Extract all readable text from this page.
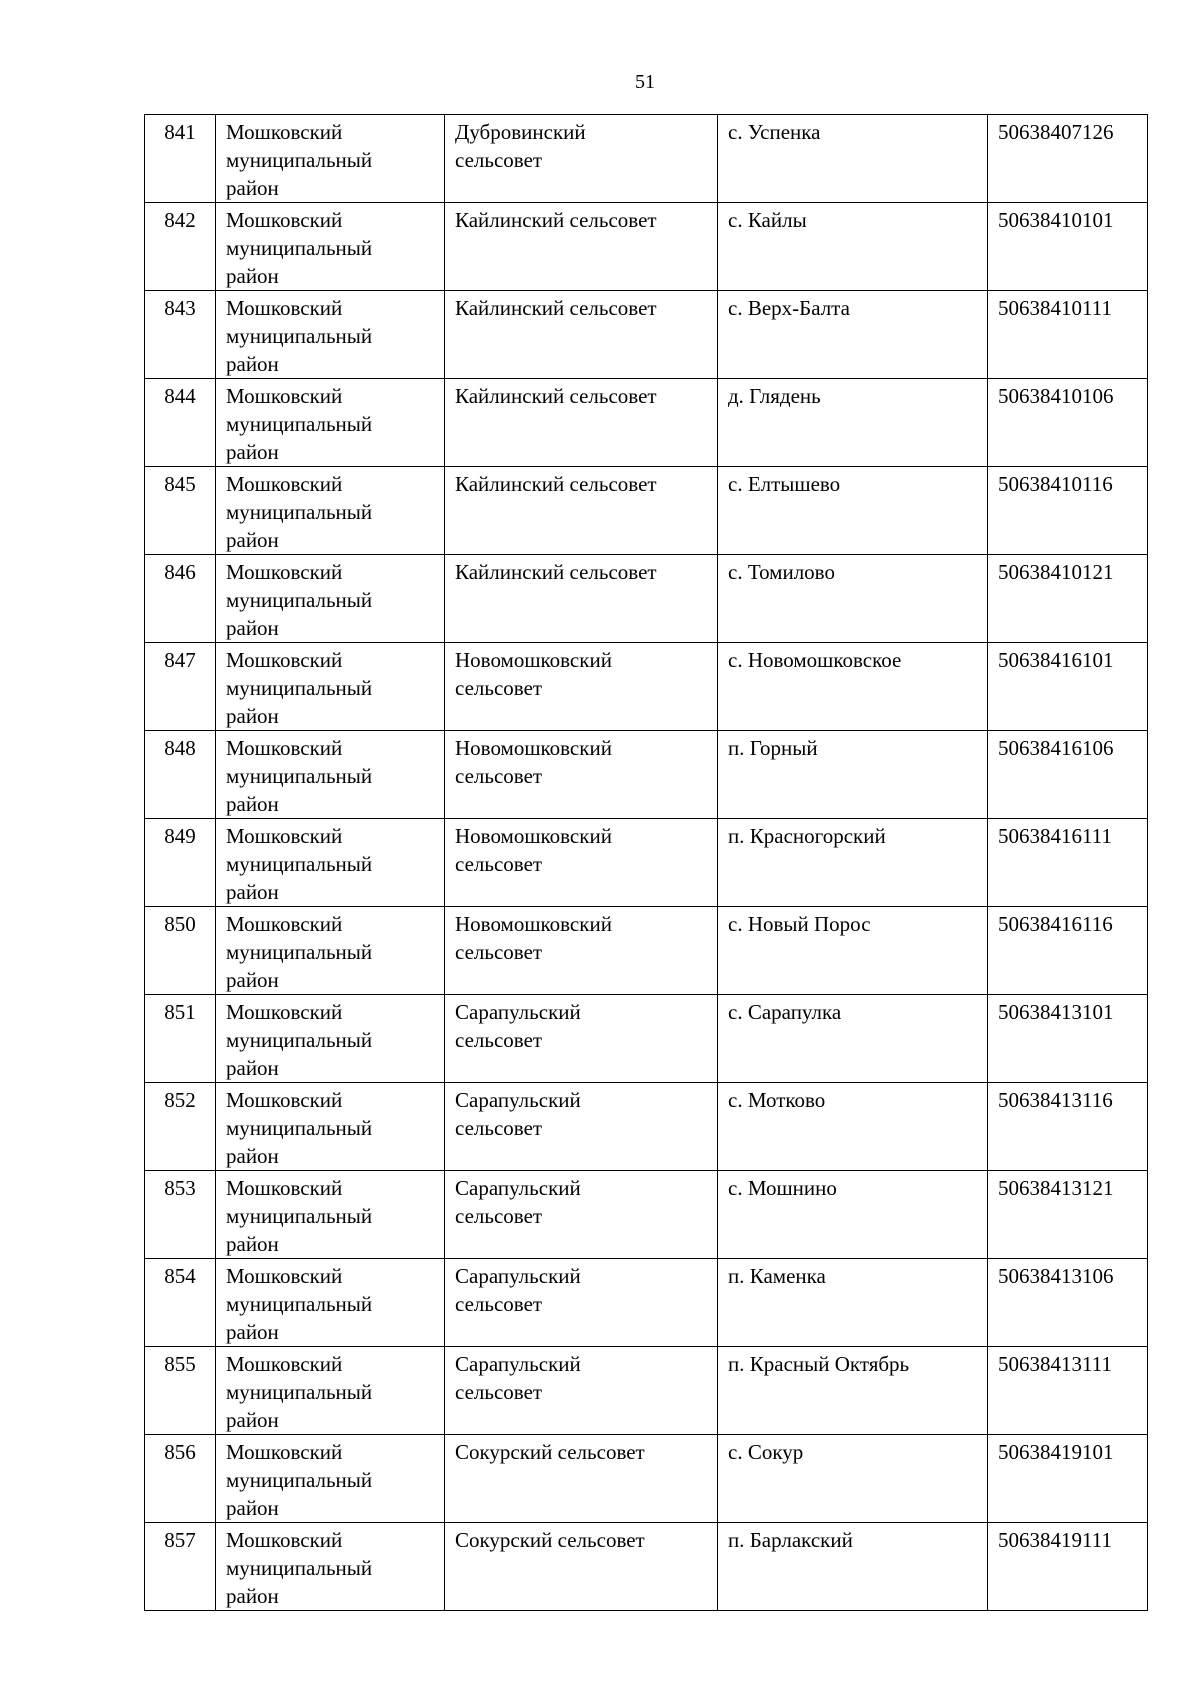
51
841	Мошковский
муниципальный
район	Дубровинский
сельсовет	с. Успенка	50638407126

842	Мошковский
муниципальный
район	Кайлинский сельсовет	с. Кайлы	50638410101

843	Мошковский
муниципальный
район	Кайлинский сельсовет	с. Верх-Балта	50638410111

844	Мошковский
муниципальный
район	Кайлинский сельсовет	д. Глядень	50638410106

845	Мошковский
муниципальный
район	Кайлинский сельсовет	с. Елтышево	50638410116

846	Мошковский
муниципальный
район	Кайлинский сельсовет	с. Томилово	50638410121

847	Мошковский
муниципальный
район	Новомошковский
сельсовет	с. Новомошковское	50638416101

848	Мошковский
муниципальный
район	Новомошковский
сельсовет	п. Горный	50638416106

849	Мошковский
муниципальный
район	Новомошковский
сельсовет	п. Красногорский	50638416111

850	Мошковский
муниципальный
район	Новомошковский
сельсовет	с. Новый Порос	50638416116

851	Мошковский
муниципальный
район	Сарапульский
сельсовет	с. Сарапулка	50638413101

852	Мошковский
муниципальный
район	Сарапульский
сельсовет	с. Мотково	50638413116

853	Мошковский
муниципальный
район	Сарапульский
сельсовет	с. Мошнино	50638413121

854	Мошковский
муниципальный
район	Сарапульский
сельсовет	п. Каменка	50638413106

855	Мошковский
муниципальный
район	Сарапульский
сельсовет	п. Красный Октябрь	50638413111

856	Мошковский
муниципальный
район	Сокурский сельсовет	с. Сокур	50638419101

857	Мошковский
муниципальный
район	Сокурский сельсовет	п. Барлакский	50638419111
